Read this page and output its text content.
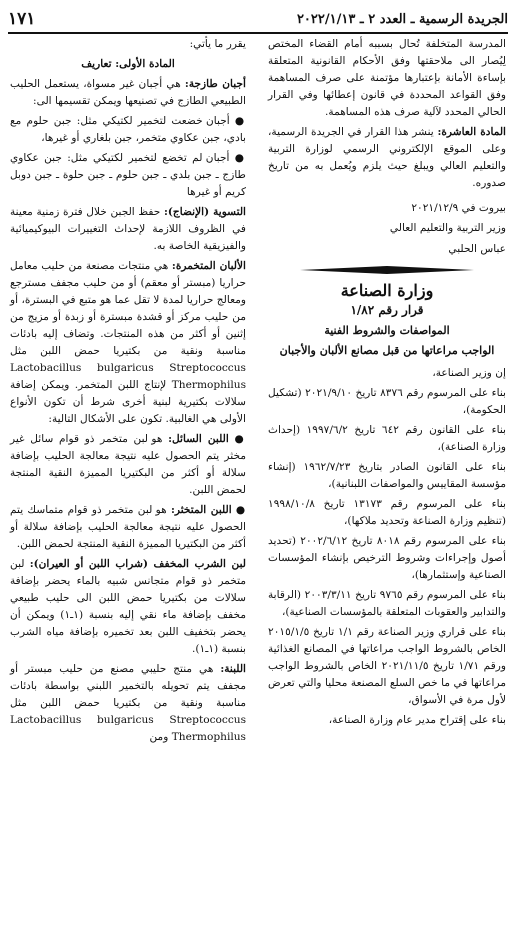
الجريدة الرسمية ـ العدد ٢ ـ ٢٠٢٢/١/١٣
١٧١

المدرسة المتخلفة تُحال بسببه أمام القضاء المختص لِيُصار الى ملاحقتها وفق الأحكام القانونية المتعلقة بإساءة الأمانة بإعتبارها مؤتمنة على صرف المساهمة وفق القواعد المحددة في قانون إعطائها وفي القرار الحالي المحدد لآلية صرف هذه المساهمة.

المادة العاشرة: ينشر هذا القرار في الجريدة الرسمية، وعلى الموقع الإلكتروني الرسمي لوزارة التربية والتعليم العالي ويبلغ حيث يلزم ويُعمل به من تاريخ صدوره.

بيروت في ٢٠٢١/١٢/٩

وزير التربية والتعليم العالي

عباس الحلبي

وزارة الصناعة

قرار رقم ١/٨٢

المواصفات والشروط الفنية

الواجب مراعاتها من قبل مصانع الألبان والأجبان

إن وزير الصناعة،

بناء على المرسوم رقم ٨٣٧٦ تاريخ ٢٠٢١/٩/١٠ (تشكيل الحكومة)،

بناء على القانون رقم ٦٤٢ تاريخ ١٩٩٧/٦/٢ (إحداث وزارة الصناعة)،

بناء على القانون الصادر بتاريخ ١٩٦٢/٧/٢٣ (إنشاء مؤسسة المقاييس والمواصفات اللبنانية)،

بناء على المرسوم رقم ١٣١٧٣ تاريخ ١٩٩٨/١٠/٨ (تنظيم وزارة الصناعة وتحديد ملاكها)،

بناء على المرسوم رقم ٨٠١٨ تاريخ ٢٠٠٢/٦/١٢ (تحديد أصول وإجراءات وشروط الترخيص بإنشاء المؤسسات الصناعية وإستثمارها)،

بناء على المرسوم رقم ٩٧٦٥ تاريخ ٢٠٠٣/٣/١١ (الرقابة والتدابير والعقوبات المتعلقة بالمؤسسات الصناعية)،

بناء على قراري وزير الصناعة رقم ١/١ تاريخ ٢٠١٥/١/٥ الخاص بالشروط الواجب مراعاتها في المصانع الغذائية ورقم ١/٧١ تاريخ ٢٠٢١/١١/٥ الخاص بالشروط الواجب مراعاتها في ما خص السلع المصنعة محليا والتي تعرض لأول مرة في الأسواق،

بناء على إقتراح مدير عام وزارة الصناعة،

يقرر ما يأتي:

المادة الأولى: تعاريف

أجبان طازجة: هي أجبان غير مسواة، يستعمل الحليب الطبيعي الطازج في تصنيعها ويمكن تقسيمها الى:

● أجبان خضعت لتخمير لكتيكي مثل: جبن حلوم مع بادي، جبن عكاوي متخمر، جبن بلغاري أو غيرها،

● أجبان لم تخضع لتخمير لكتيكي مثل: جبن عكاوي طازج ـ جبن بلدي ـ جبن حلوم ـ جبن حلوة ـ جبن دوبل كريم أو غيرها

التسوية (الإنضاج): حفظ الجبن خلال فترة زمنية معينة في الظروف اللازمة لإحداث التغييرات البيوكيميائية والفيزيقية الخاصة به.

الألبان المتخمرة: هي منتجات مصنعة من حليب معامل حراريا (مبستر أو معقم) أو من حليب مجفف مسترجع ومعالج حراريا لمدة لا تقل عما هو متبع في البسترة، أو من حليب مركز أو قشدة مبسترة أو زبدة أو مزيج من إثنين أو أكثر من هذه المنتجات. وتضاف إليه بادئات مناسبة ونقية من بكتيريا حمض اللبن مثل Lactobacillus bulgaricus Streptococcus Thermophilus لإنتاج اللبن المتخمر. ويمكن إضافة سلالات بكتيرية لبنية أخرى شرط أن تكون الأنواع الأولى هي الغالبية. تكون على الأشكال التالية:

● اللبن السائل: هو لبن متخمر ذو قوام سائل غير مخثر يتم الحصول عليه نتيجة معالجة الحليب بإضافة سلالة أو أكثر من البكتيريا المميزة النقية المنتجة لحمض اللبن.

● اللبن المتخثر: هو لبن متخمر ذو قوام متماسك يتم الحصول عليه نتيجة معالجة الحليب بإضافة سلالة أو أكثر من البكتيريا المميزة النقية المنتجة لحمض اللبن.

لبن الشرب المخفف (شراب اللبن أو العيران): لبن متخمر ذو قوام متجانس شبيه بالماء يحضر بإضافة سلالات من بكتيريا حمض اللبن الى حليب طبيعي مخفف بإضافة ماء نقي إليه بنسبة (١ـ١) ويمكن أن يحضر بتخفيف اللبن بعد تخميره بإضافة مياه الشرب بنسبة (١ـ١).

اللبنة: هي منتج حليبي مصنع من حليب مبستر أو مجفف يتم تحويله بالتخمير اللبني بواسطة بادئات مناسبة ونقية من بكتيريا حمض اللبن مثل Lactobacillus bulgaricus Streptococcus Thermophilus ومن
